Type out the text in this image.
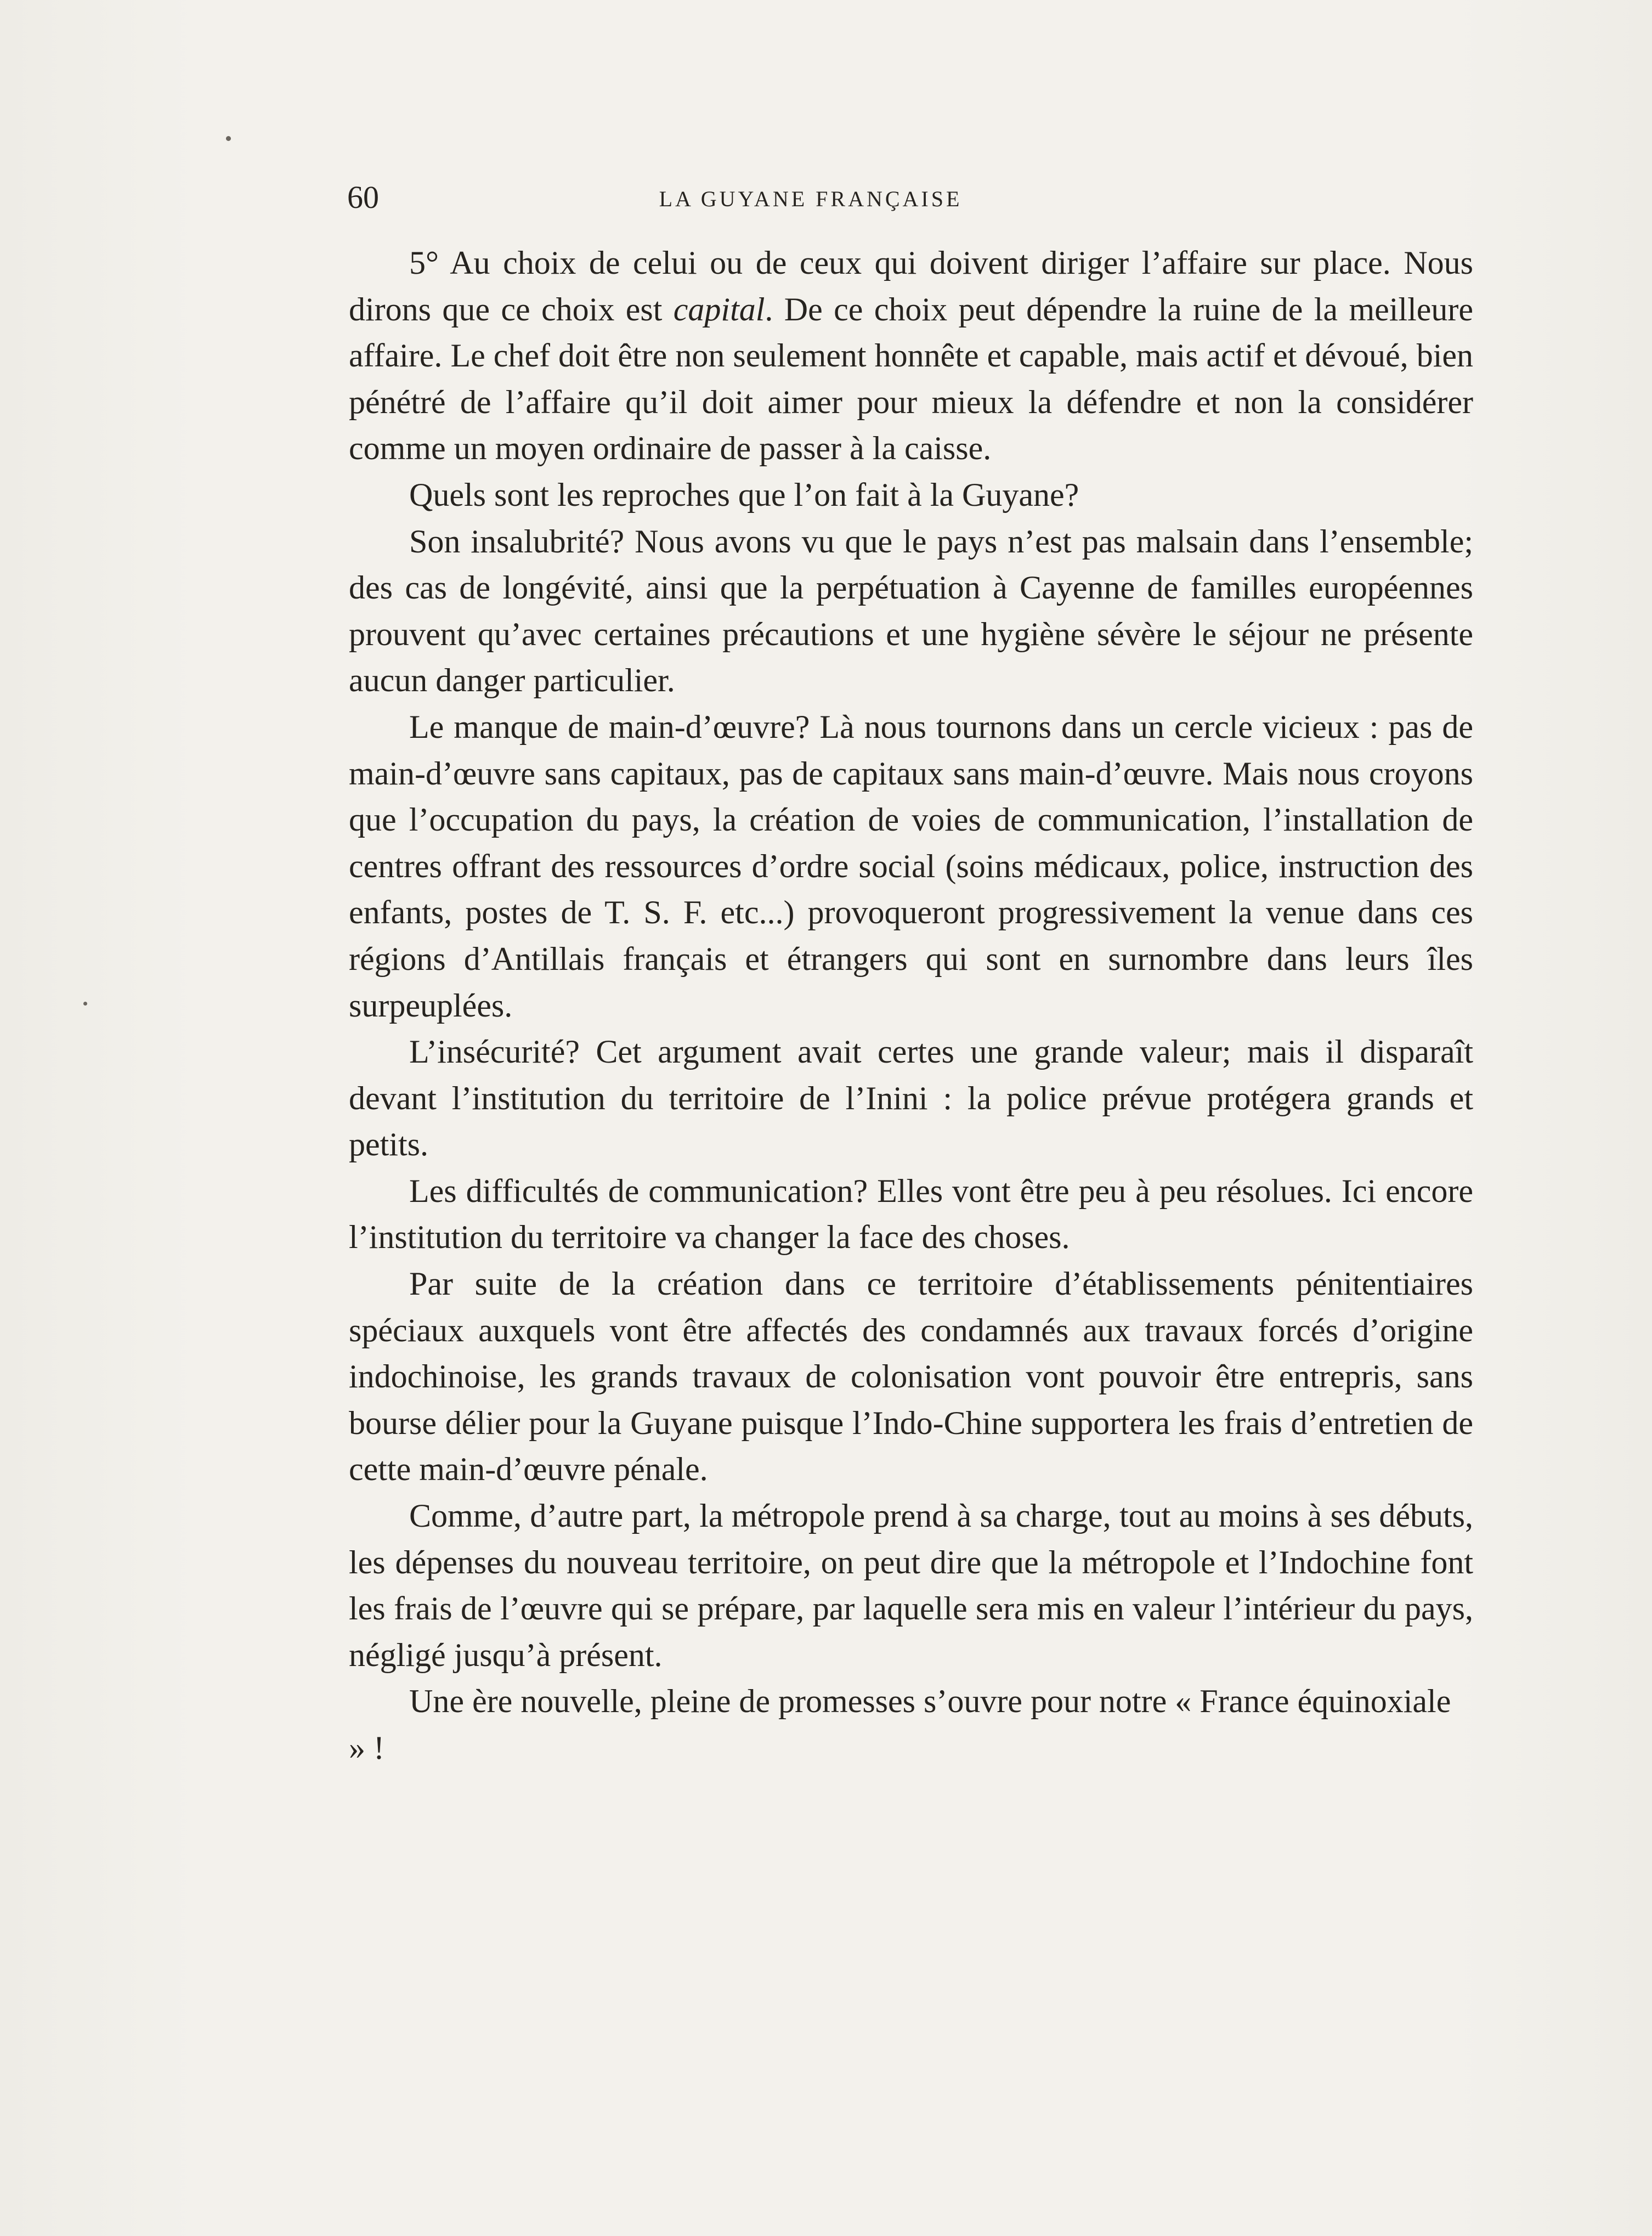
60	LA GUYANE FRANÇAISE

5° Au choix de celui ou de ceux qui doivent diriger l’affaire sur place. Nous dirons que ce choix est capital. De ce choix peut dépendre la ruine de la meilleure affaire. Le chef doit être non seulement honnête et capable, mais actif et dévoué, bien pénétré de l’affaire qu’il doit aimer pour mieux la défendre et non la considérer comme un moyen ordinaire de passer à la caisse.

Quels sont les reproches que l’on fait à la Guyane?

Son insalubrité? Nous avons vu que le pays n’est pas malsain dans l’ensemble; des cas de longévité, ainsi que la perpétuation à Cayenne de familles européennes prouvent qu’avec certaines précautions et une hygiène sévère le séjour ne présente aucun danger particulier.

Le manque de main-d’œuvre? Là nous tournons dans un cercle vicieux : pas de main-d’œuvre sans capitaux, pas de capitaux sans main-d’œuvre. Mais nous croyons que l’occupation du pays, la création de voies de communication, l’installation de centres offrant des ressources d’ordre social (soins médicaux, police, instruction des enfants, postes de T. S. F. etc...) provoqueront progressivement la venue dans ces régions d’Antillais français et étrangers qui sont en surnombre dans leurs îles surpeuplées.

L’insécurité? Cet argument avait certes une grande valeur; mais il disparaît devant l’institution du territoire de l’Inini : la police prévue protégera grands et petits.

Les difficultés de communication? Elles vont être peu à peu résolues. Ici encore l’institution du territoire va changer la face des choses.

Par suite de la création dans ce territoire d’établissements pénitentiaires spéciaux auxquels vont être affectés des condamnés aux travaux forcés d’origine indochinoise, les grands travaux de colonisation vont pouvoir être entrepris, sans bourse délier pour la Guyane puisque l’Indo-Chine supportera les frais d’entretien de cette main-d’œuvre pénale.

Comme, d’autre part, la métropole prend à sa charge, tout au moins à ses débuts, les dépenses du nouveau territoire, on peut dire que la métropole et l’Indochine font les frais de l’œuvre qui se prépare, par laquelle sera mis en valeur l’intérieur du pays, négligé jusqu’à présent.

Une ère nouvelle, pleine de promesses s’ouvre pour notre « France équinoxiale » !
